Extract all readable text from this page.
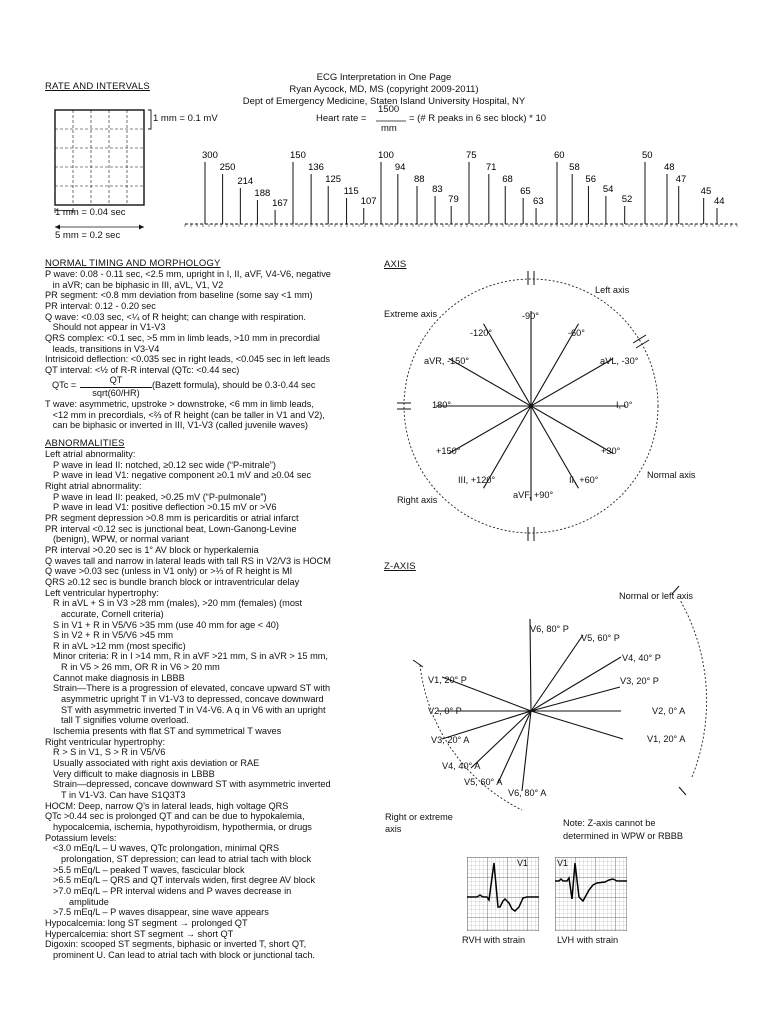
ECG Interpretation in One Page
Ryan Aycock, MD, MS (copyright 2009-2011)
Dept of Emergency Medicine, Staten Island University Hospital, NY
RATE AND INTERVALS
300
250
214
188
167
150
136
125
115
107
100
94
88
83
79
75
71
68
65
63
60
58
56
54
52
50
48
47
45
44
1 mm = 0.1 mV
1 mm = 0.04 sec
5 mm = 0.2 sec
Heart rate =
1500
mm
= (# R peaks in 6 sec block) * 10
NORMAL TIMING AND MORPHOLOGY
P wave: 0.08 - 0.11 sec, <2.5 mm, upright in I, II, aVF, V4-V6, negative
in aVR; can be biphasic in III, aVL, V1, V2
PR segment: <0.8 mm deviation from baseline (some say <1 mm)
PR interval: 0.12 - 0.20 sec
Q wave: <0.03 sec, <¼ of R height; can change with respiration.
Should not appear in V1-V3
QRS complex: <0.1 sec, >5 mm in limb leads, >10 mm in precordial
leads, transitions in V3-V4
Intrisicoid deflection: <0.035 sec in right leads, <0.045 sec in left leads
QT interval: <½ of R-R interval (QTc: <0.44 sec)
QTc =	QT
sqrt(60/HR)
(Bazett formula), should be 0.3-0.44 sec
T wave: asymmetric, upstroke > downstroke, <6 mm in limb leads,
<12 mm in precordials, <⅔ of R height (can be taller in V1 and V2),
can be biphasic or inverted in III, V1-V3 (called juvenile waves)
ABNORMALITIES
Left atrial abnormality:
P wave in lead II: notched, ≥0.12 sec wide (“P-mitrale”)
P wave in lead V1: negative component ≥0.1 mV and ≥0.04 sec
Right atrial abnormality:
P wave in lead II: peaked, >0.25 mV (“P-pulmonale”)
P wave in lead V1: positive deflection >0.15 mV or >V6
PR segment depression >0.8 mm is pericarditis or atrial infarct
PR interval <0.12 sec is junctional beat, Lown-Ganong-Levine
(benign), WPW, or normal variant
PR interval >0.20 sec is 1° AV block or hyperkalemia
Q waves tall and narrow in lateral leads with tall RS in V2/V3 is HOCM
Q wave >0.03 sec (unless in V1 only) or >⅓ of R height is MI
QRS ≥0.12 sec is bundle branch block or intraventricular delay
Left ventricular hypertrophy:
R in aVL + S in V3 >28 mm (males), >20 mm (females) (most
accurate, Cornell criteria)
S in V1 + R in V5/V6 >35 mm (use 40 mm for age < 40)
S in V2 + R in V5/V6 >45 mm
R in aVL >12 mm (most specific)
Minor criteria: R in I >14 mm, R in aVF >21 mm, S in aVR > 15 mm,
R in V5 > 26 mm, OR R in V6 > 20 mm
Cannot make diagnosis in LBBB
Strain—There is a progression of elevated, concave upward ST with
asymmetric upright T in V1-V3 to depressed, concave downward
ST with asymmetric inverted T in V4-V6. A q in V6 with an upright
tall T signifies volume overload.
Ischemia presents with flat ST and symmetrical T waves
Right ventricular hypertrophy:
R > S in V1, S > R in V5/V6
Usually associated with right axis deviation or RAE
Very difficult to make diagnosis in LBBB
Strain—depressed, concave downward ST with asymmetric inverted
T in V1-V3. Can have S1Q3T3
HOCM: Deep, narrow Q’s in lateral leads, high voltage QRS
QTc >0.44 sec is prolonged QT and can be due to hypokalemia,
hypocalcemia, ischemia, hypothyroidism, hypothermia, or drugs
Potassium levels:
<3.0 mEq/L – U waves, QTc prolongation, minimal QRS
prolongation, ST depression; can lead to atrial tach with block
>5.5 mEq/L – peaked T waves, fascicular block
>6.5 mEq/L – QRS and QT intervals widen, first degree AV block
>7.0 mEq/L – PR interval widens and P waves decrease in
amplitude
>7.5 mEq/L – P waves disappear, sine wave appears
Hypocalcemia: long ST segment → prolonged QT
Hypercalcemia: short ST segment → short QT
Digoxin: scooped ST segments, biphasic or inverted T, short QT,
prominent U. Can lead to atrial tach with block or junctional tach.
AXIS
Left axis
Extreme axis
Normal axis
Right axis
-90°
-120°	-60°
aVR, -150°	aVL, -30°
180°	I, 0°
+150°	+30°
III, +120°	II, +60°
aVF, +90°
Z-AXIS
Normal or left axis
V6, 80° P
V5, 60° P
V4, 40° P
V1, 20° P	V3, 20° P
V2, 0° P	V2, 0° A
V3, 20° A	V1, 20° A
V4, 40° A
V5, 60° A
V6, 80° A
Right or extreme
axis
Note: Z-axis cannot be
determined in WPW or RBBB
V1	V1
RVH with strain	LVH with strain
